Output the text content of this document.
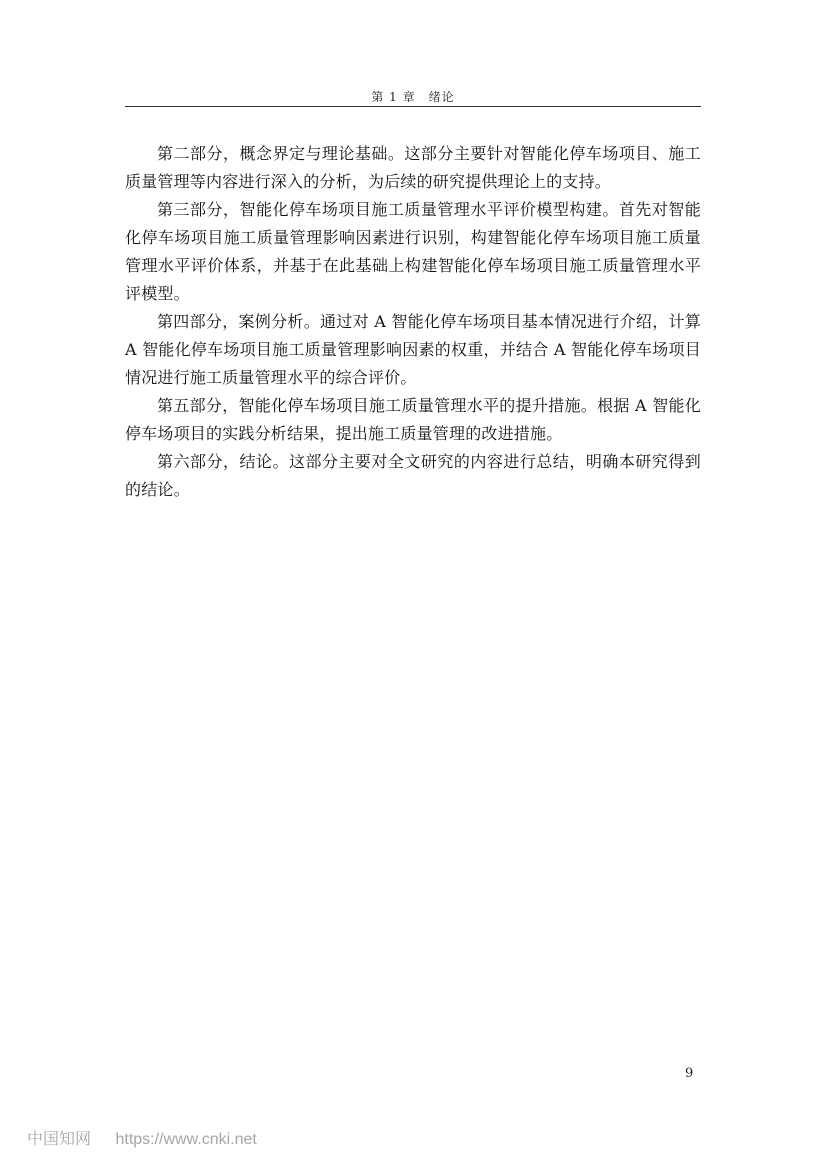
第 1 章　绪论

第二部分，概念界定与理论基础。这部分主要针对智能化停车场项目、施工质量管理等内容进行深入的分析，为后续的研究提供理论上的支持。

第三部分，智能化停车场项目施工质量管理水平评价模型构建。首先对智能化停车场项目施工质量管理影响因素进行识别，构建智能化停车场项目施工质量管理水平评价体系，并基于在此基础上构建智能化停车场项目施工质量管理水平评模型。

第四部分，案例分析。通过对 A 智能化停车场项目基本情况进行介绍，计算 A 智能化停车场项目施工质量管理影响因素的权重，并结合 A 智能化停车场项目情况进行施工质量管理水平的综合评价。

第五部分，智能化停车场项目施工质量管理水平的提升措施。根据 A 智能化停车场项目的实践分析结果，提出施工质量管理的改进措施。

第六部分，结论。这部分主要对全文研究的内容进行总结，明确本研究得到的结论。

9
中国知网 https://www.cnki.net
